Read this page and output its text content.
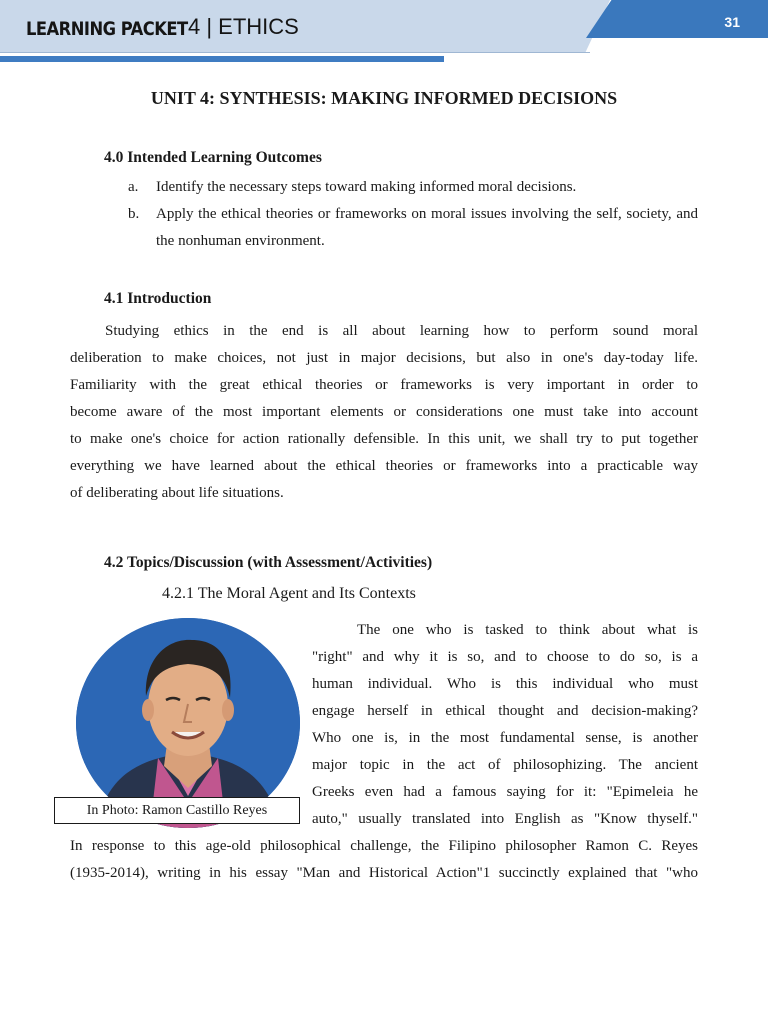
LEARNING PACKET 4 | ETHICS	31
UNIT 4: SYNTHESIS: MAKING INFORMED DECISIONS
4.0 Intended Learning Outcomes
a.	Identify the necessary steps toward making informed moral decisions.
b.	Apply the ethical theories or frameworks on moral issues involving the self, society, and the nonhuman environment.
4.1 Introduction
Studying ethics in the end is all about learning how to perform sound moral
deliberation to make choices, not just in major decisions, but also in one's day-today life.
Familiarity with the great ethical theories or frameworks is very important in order to
become aware of the most important elements or considerations one must take into account
to make one's choice for action rationally defensible. In this unit, we shall try to put together
everything we have learned about the ethical theories or frameworks into a practicable way
of deliberating about life situations.
4.2 Topics/Discussion (with Assessment/Activities)
4.2.1 The Moral Agent and Its Contexts
In Photo: Ramon Castillo Reyes
The one who is tasked to think about what is
"right" and why it is so, and to choose to do so, is a
human individual. Who is this individual who must
engage herself in ethical thought and decision-making?
Who one is, in the most fundamental sense, is another
major topic in the act of philosophizing. The ancient
Greeks even had a famous saying for it: "Epimeleia he
auto," usually translated into English as "Know thyself."
In response to this age-old philosophical challenge, the Filipino philosopher Ramon C. Reyes
(1935-2014), writing in his essay "Man and Historical Action"1 succinctly explained that "who
